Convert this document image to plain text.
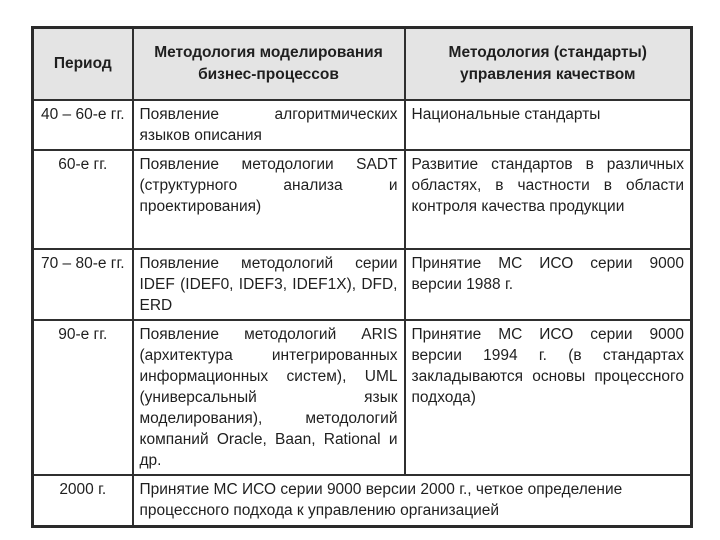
Период	Методология моделирования бизнес-процессов	Методология (стандарты) управления качеством
40 – 60-е гг.	Появление алгоритмических языков описания	Национальные стандарты
60-е гг.	Появление методологии SADT (структурного анализа и проектирования)	Развитие стандартов в различных областях, в частности в области контроля качества продукции
70 – 80-е гг.	Появление методологий серии IDEF (IDEF0, IDEF3, IDEF1X), DFD, ERD	Принятие МС ИСО серии 9000 версии 1988 г.
90-е гг.	Появление методологий ARIS (архитектура интегрированных информационных систем), UML (универсальный язык моделирования), методологий компаний Oracle, Baan, Rational и др.	Принятие МС ИСО серии 9000 версии 1994 г. (в стандартах закладываются основы процессного подхода)
2000 г.	Принятие МС ИСО серии 9000 версии 2000 г., четкое определение процессного подхода к управлению организацией	
